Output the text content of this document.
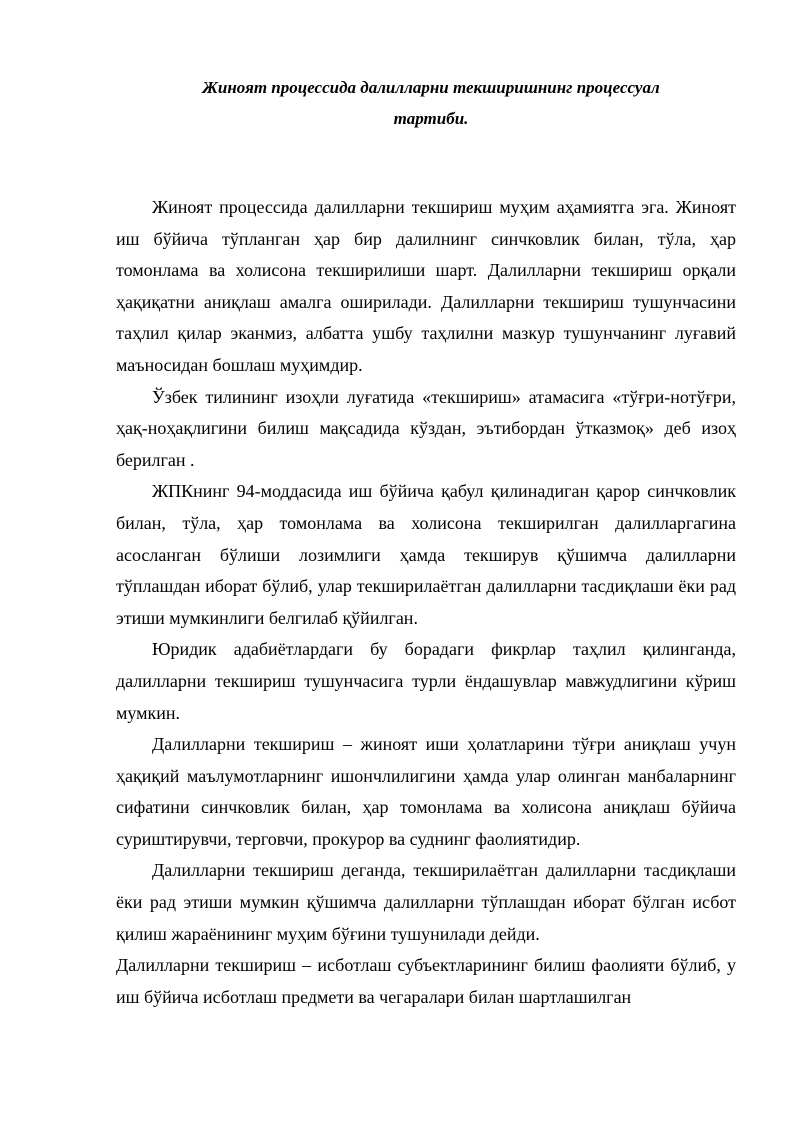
Жиноят процессида далилларни текширишнинг процессуал
тартиби.

Жиноят процессида далилларни текшириш муҳим аҳамиятга эга. Жиноят иш бўйича тўпланган ҳар бир далилнинг синчковлик билан, тўла, ҳар томонлама ва холисона текширилиши шарт. Далилларни текшириш орқали ҳақиқатни аниқлаш амалга оширилади. Далилларни текшириш тушунчасини таҳлил қилар эканмиз, албатта ушбу таҳлилни мазкур тушунчанинг луғавий маъносидан бошлаш муҳимдир.

Ўзбек тилининг изоҳли луғатида «текшириш» атамасига «тўғри-нотўғри, ҳақ-ноҳақлигини билиш мақсадида кўздан, эътибордан ўтказмоқ» деб изоҳ берилган .

ЖПКнинг 94-моддасида иш бўйича қабул қилинадиган қарор синчковлик билан, тўла, ҳар томонлама ва холисона текширилган далилларгагина асосланган бўлиши лозимлиги ҳамда текширув қўшимча далилларни тўплашдан иборат бўлиб, улар текширилаётган далилларни тасдиқлаши ёки рад этиши мумкинлиги белгилаб қўйилган.

Юридик адабиётлардаги бу борадаги фикрлар таҳлил қилинганда, далилларни текшириш тушунчасига турли ёндашувлар мавжудлигини кўриш мумкин.

Далилларни текшириш – жиноят иши ҳолатларини тўғри аниқлаш учун ҳақиқий маълумотларнинг ишончлилигини ҳамда улар олинган манбаларнинг сифатини синчковлик билан, ҳар томонлама ва холисона аниқлаш бўйича суриштирувчи, терговчи, прокурор ва суднинг фаолиятидир.

Далилларни текшириш деганда, текширилаётган далилларни тасдиқлаши ёки рад этиши мумкин қўшимча далилларни тўплашдан иборат бўлган исбот қилиш жараёнининг муҳим бўғини тушунилади дейди.

Далилларни текшириш – исботлаш субъектларининг билиш фаолияти бўлиб, у иш бўйича исботлаш предмети ва чегаралари билан шартлашилган
